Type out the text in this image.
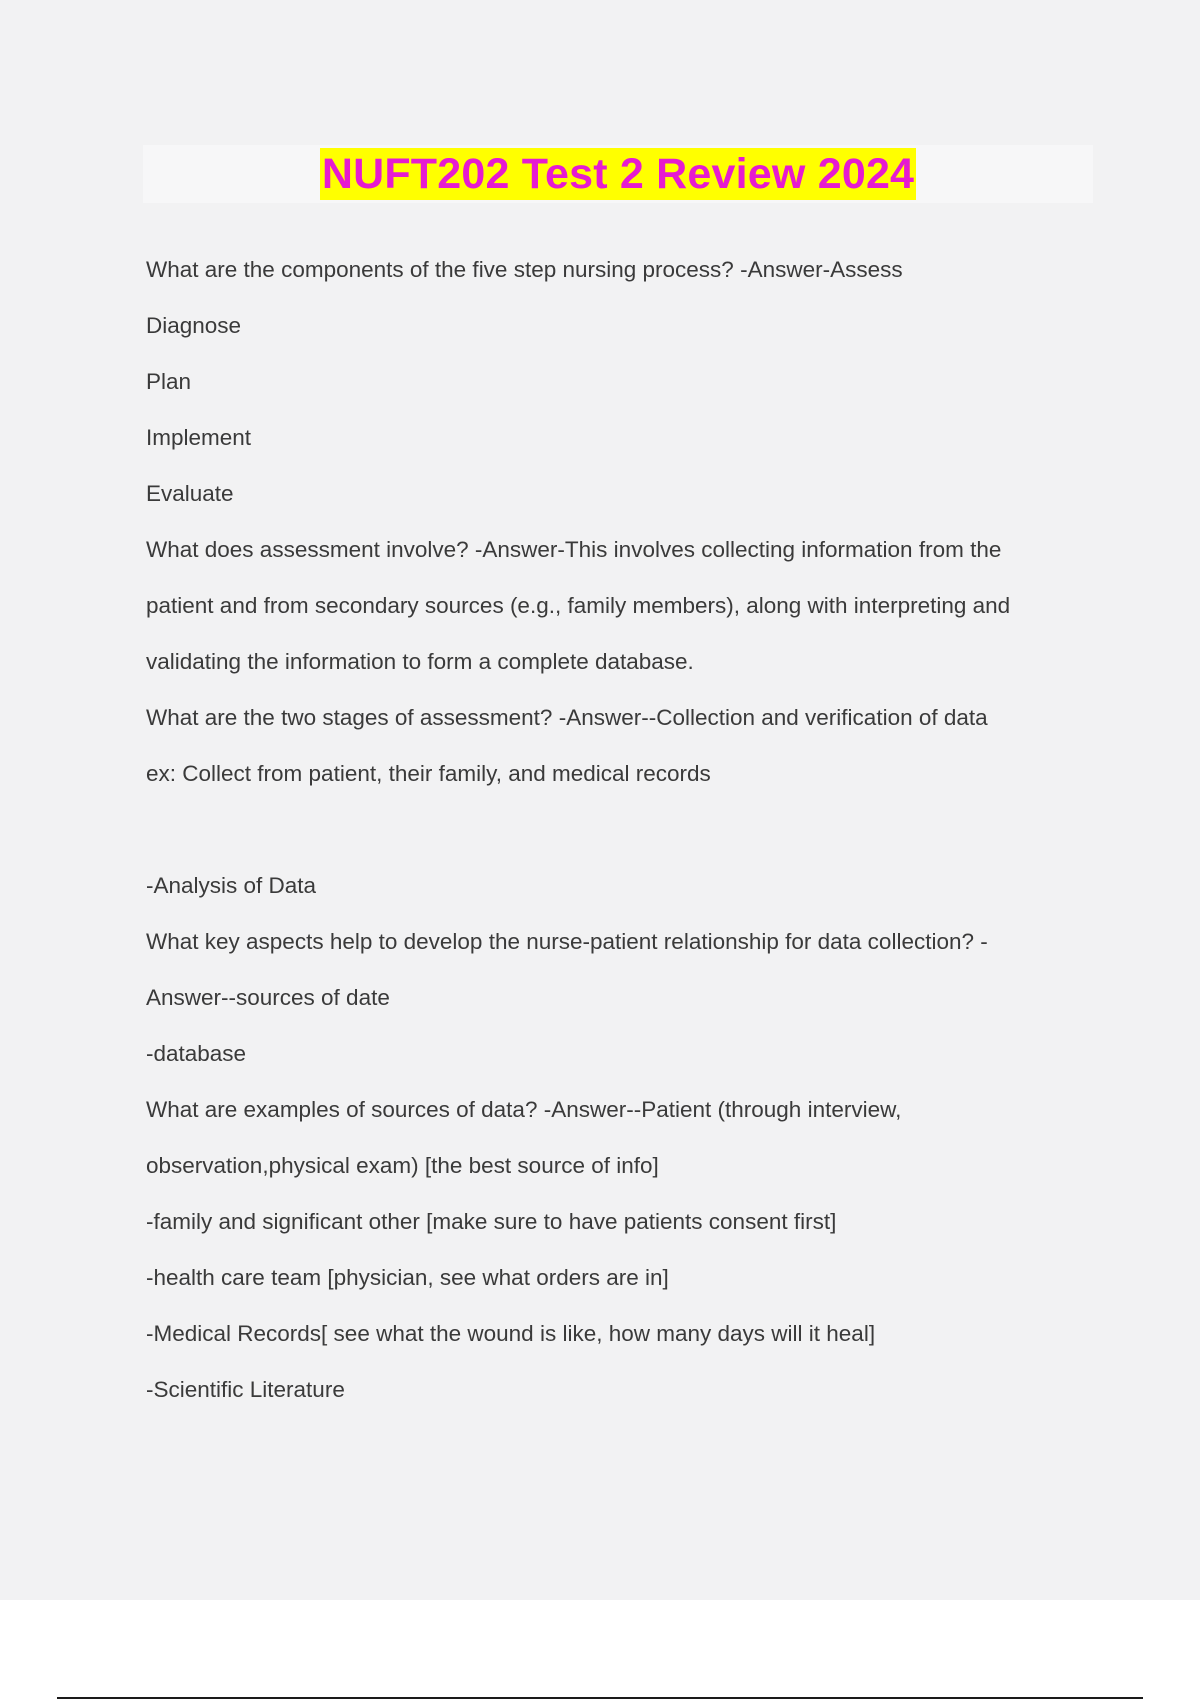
NUFT202 Test 2 Review 2024
What are the components of the five step nursing process? -Answer-Assess
Diagnose
Plan
Implement
Evaluate
What does assessment involve? -Answer-This involves collecting information from the
patient and from secondary sources (e.g., family members), along with interpreting and
validating the information to form a complete database.
What are the two stages of assessment? -Answer--Collection and verification of data
ex: Collect from patient, their family, and medical records
-Analysis of Data
What key aspects help to develop the nurse-patient relationship for data collection? -
Answer--sources of date
-database
What are examples of sources of data? -Answer--Patient (through interview,
observation,physical exam) [the best source of info]
-family and significant other [make sure to have patients consent first]
-health care team [physician, see what orders are in]
-Medical Records[ see what the wound is like, how many days will it heal]
-Scientific Literature
